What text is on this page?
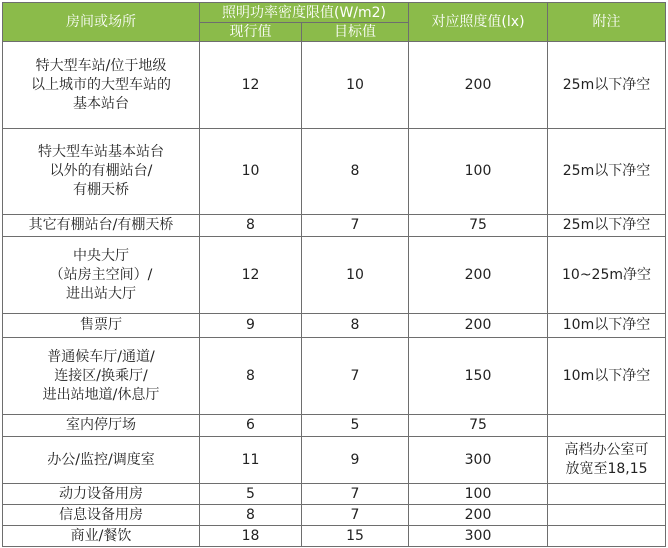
房间或场所	照明功率密度限值(W/m2)		对应照度值(lx)	附注
	现行值	目标值		
特大型车站/位于地级
以上城市的大型车站的
基本站台	12	10	200	25m以下净空
特大型车站基本站台
以外的有棚站台/
有棚天桥	10	8	100	25m以下净空
其它有棚站台/有棚天桥	8	7	75	25m以下净空
中央大厅
（站房主空间）/
进出站大厅	12	10	200	10~25m净空
售票厅	9	8	200	10m以下净空
普通候车厅/通道/
连接区/换乘厅/
进出站地道/休息厅	8	7	150	10m以下净空
室内停厅场	6	5	75	
办公/监控/调度室	11	9	300	高档办公室可
放宽至18,15
动力设备用房	5	7	100	
信息设备用房	8	7	200	
商业/餐饮	18	15	300	
